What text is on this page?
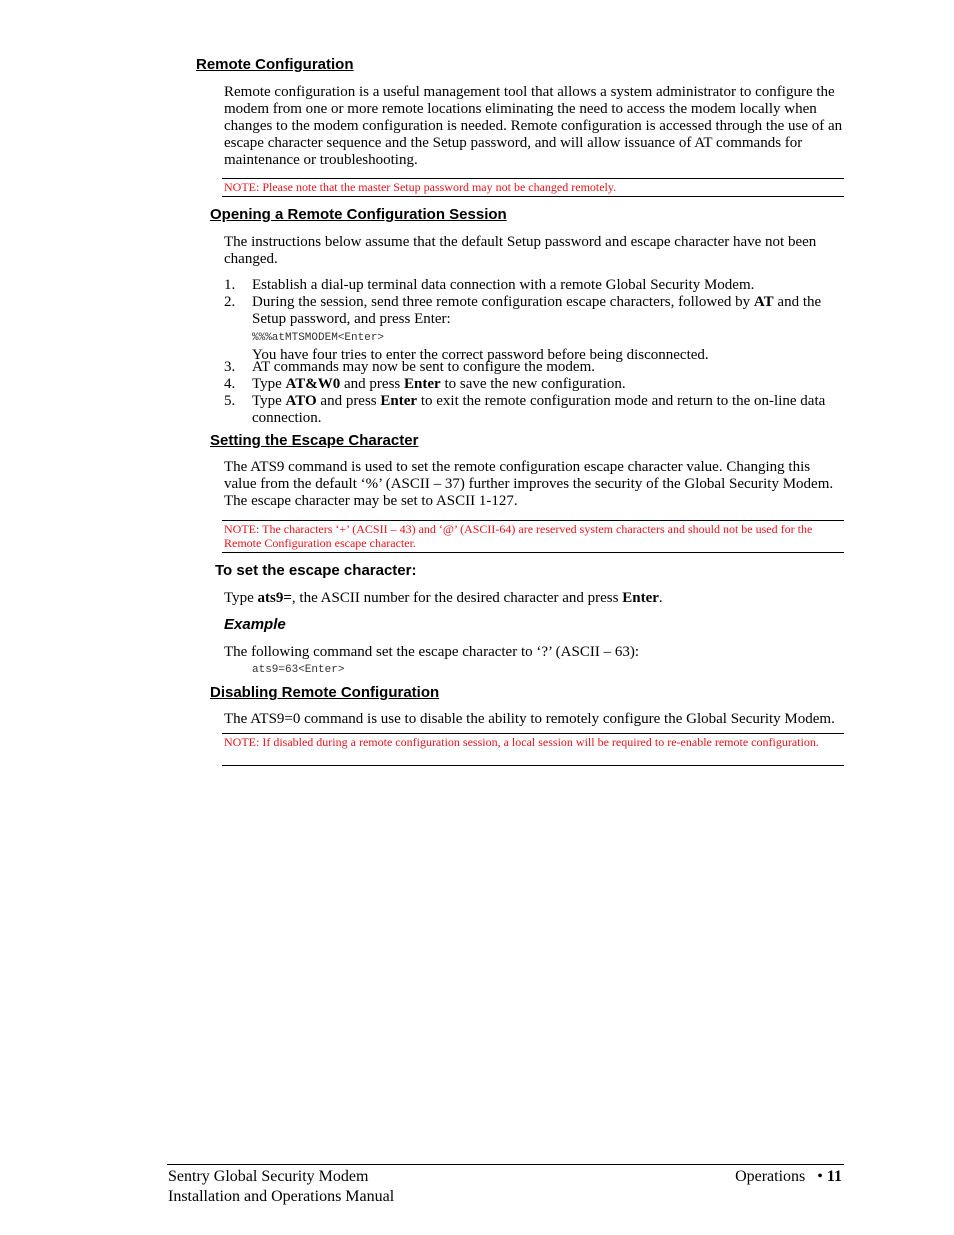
Remote Configuration
Remote configuration is a useful management tool that allows a system administrator to configure the modem from one or more remote locations eliminating the need to access the modem locally when changes to the modem configuration is needed. Remote configuration is accessed through the use of an escape character sequence and the Setup password, and will allow issuance of AT commands for maintenance or troubleshooting.
NOTE: Please note that the master Setup password may not be changed remotely.
Opening a Remote Configuration Session
The instructions below assume that the default Setup password and escape character have not been changed.
1. Establish a dial-up terminal data connection with a remote Global Security Modem.
2. During the session, send three remote configuration escape characters, followed by AT and the Setup password, and press Enter:
%%%atMTSMODEM<Enter>
You have four tries to enter the correct password before being disconnected.
3. AT commands may now be sent to configure the modem.
4. Type AT&W0 and press Enter to save the new configuration.
5. Type ATO and press Enter to exit the remote configuration mode and return to the on-line data connection.
Setting the Escape Character
The ATS9 command is used to set the remote configuration escape character value. Changing this value from the default ‘%’ (ASCII – 37) further improves the security of the Global Security Modem. The escape character may be set to ASCII 1-127.
NOTE: The characters ‘+’ (ACSII – 43) and ‘@’ (ASCII-64) are reserved system characters and should not be used for the Remote Configuration escape character.
To set the escape character:
Type ats9=, the ASCII number for the desired character and press Enter.
Example
The following command set the escape character to ‘?’ (ASCII – 63):
ats9=63<Enter>
Disabling Remote Configuration
The ATS9=0 command is use to disable the ability to remotely configure the Global Security Modem.
NOTE: If disabled during a remote configuration session, a local session will be required to re-enable remote configuration.
Sentry Global Security Modem
Installation and Operations Manual
Operations • 11
